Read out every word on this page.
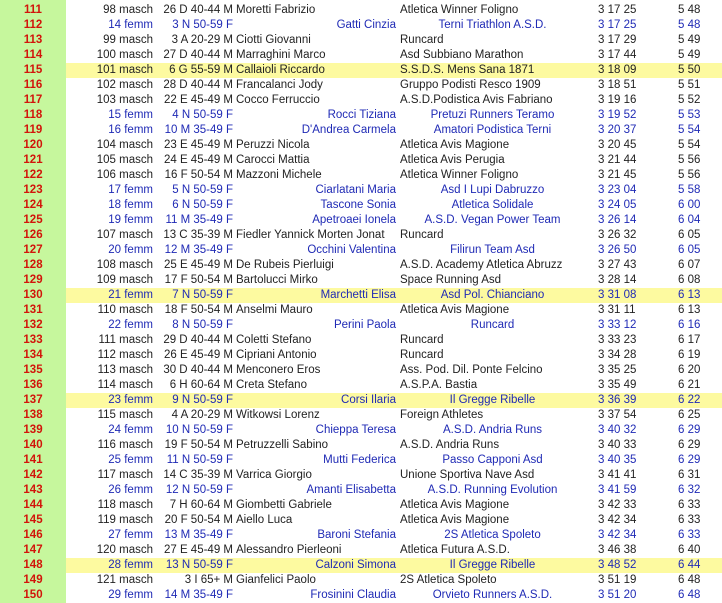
111	98 masch 26 D 40-44 M Moretti Fabrizio	Atletica Winner Foligno	3 17 25	5 48
112	14 femm	3 N 50-59 F	Gatti Cinzia	Terni Triathlon A.S.D.	3 17 25	5 48
113	99 masch	3 A 20-29 M Ciotti Giovanni	Runcard	3 17 29	5 49
114	100 masch 27 D 40-44 M Marraghini Marco	Asd Subbiano Marathon	3 17 44	5 49
115	101 masch	6 G 55-59 M Callaioli Riccardo	S.S.D.S. Mens Sana 1871	3 18 09	5 50
116	102 masch 28 D 40-44 M Francalanci Jody	Gruppo Podisti Resco 1909	3 18 51	5 51
117	103 masch 22 E 45-49 M Cocco Ferruccio	A.S.D.Podistica Avis Fabriano	3 19 16	5 52
118	15 femm	4 N 50-59 F	Rocci Tiziana	Pretuzi Runners Teramo	3 19 52	5 53
119	16 femm	10 M 35-49 F	D'Andrea Carmela	Amatori Podistica Terni	3 20 37	5 54
120	104 masch 23 E 45-49 M Peruzzi Nicola	Atletica Avis Magione	3 20 45	5 54
121	105 masch 24 E 45-49 M Carocci Mattia	Atletica Avis Perugia	3 21 44	5 56
122	106 masch	16 F 50-54 M Mazzoni Michele	Atletica Winner Foligno	3 21 45	5 56
123	17 femm	5 N 50-59 F	Ciarlatani Maria	Asd I Lupi Dabruzzo	3 23 04	5 58
124	18 femm	6 N 50-59 F	Tascone Sonia	Atletica Solidale	3 24 05	6 00
125	19 femm	11 M 35-49 F	Apetroaei Ionela	A.S.D. Vegan Power Team	3 26 14	6 04
126	107 masch 13 C 35-39 M Fiedler Yannick Morten Jonat	Runcard	3 26 32	6 05
127	20 femm	12 M 35-49 F	Occhini Valentina	Filirun Team Asd	3 26 50	6 05
128	108 masch 25 E 45-49 M De Rubeis Pierluigi	A.S.D. Academy Atletica Abruzz	3 27 43	6 07
129	109 masch	17 F 50-54 M Bartolucci Mirko	Space Running Asd	3 28 14	6 08
130	21 femm	7 N 50-59 F	Marchetti Elisa	Asd Pol. Chianciano	3 31 08	6 13
131	110 masch	18 F 50-54 M Anselmi Mauro	Atletica Avis Magione	3 31 11	6 13
132	22 femm	8 N 50-59 F	Perini Paola	Runcard	3 33 12	6 16
133	111 masch 29 D 40-44 M Coletti Stefano	Runcard	3 33 23	6 17
134	112 masch 26 E 45-49 M Cipriani Antonio	Runcard	3 34 28	6 19
135	113 masch 30 D 40-44 M Menconero Eros	Ass. Pod. Dil. Ponte Felcino	3 35 25	6 20
136	114 masch	6 H 60-64 M Creta Stefano	A.S.P.A. Bastia	3 35 49	6 21
137	23 femm	9 N 50-59 F	Corsi Ilaria	Il Gregge Ribelle	3 36 39	6 22
138	115 masch	4 A 20-29 M Witkowsi Lorenz	Foreign Athletes	3 37 54	6 25
139	24 femm	10 N 50-59 F	Chieppa Teresa	A.S.D. Andria Runs	3 40 32	6 29
140	116 masch	19 F 50-54 M Petruzzelli Sabino	A.S.D. Andria Runs	3 40 33	6 29
141	25 femm	11 N 50-59 F	Mutti Federica	Passo Capponi Asd	3 40 35	6 29
142	117 masch 14 C 35-39 M Varrica Giorgio	Unione Sportiva Nave Asd	3 41 41	6 31
143	26 femm	12 N 50-59 F	Amanti Elisabetta	A.S.D. Running Evolution	3 41 59	6 32
144	118 masch	7 H 60-64 M Giombetti Gabriele	Atletica Avis Magione	3 42 33	6 33
145	119 masch	20 F 50-54 M Aiello Luca	Atletica Avis Magione	3 42 34	6 33
146	27 femm	13 M 35-49 F	Baroni Stefania	2S Atletica Spoleto	3 42 34	6 33
147	120 masch 27 E 45-49 M Alessandro Pierleoni	Atletica Futura A.S.D.	3 46 38	6 40
148	28 femm	13 N 50-59 F	Calzoni Simona	Il Gregge Ribelle	3 48 52	6 44
149	121 masch	3 I 65+ M Gianfelici Paolo	2S Atletica Spoleto	3 51 19	6 48
150	29 femm	14 M 35-49 F	Frosinini Claudia	Orvieto Runners A.S.D.	3 51 20	6 48
